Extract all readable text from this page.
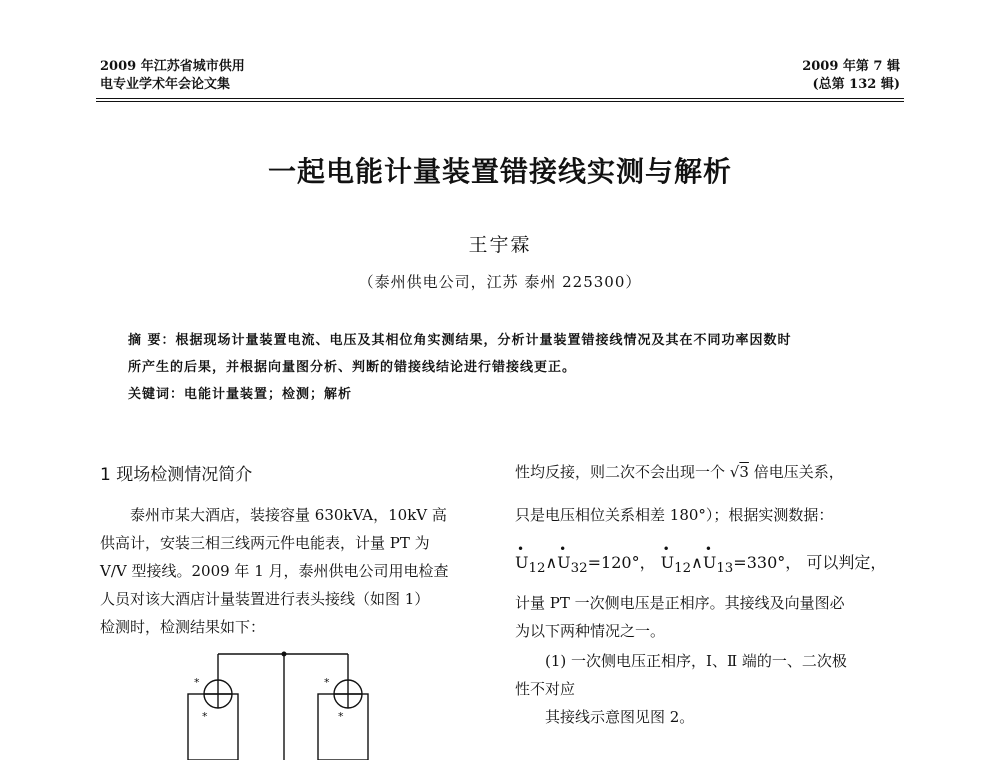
2009 年江苏省城市供用
电专业学术年会论文集
2009 年第 7 辑
(总第 132 辑)
一起电能计量装置错接线实测与解析
王宇霖
（泰州供电公司，江苏 泰州 225300）
摘 要：根据现场计量装置电流、电压及其相位角实测结果，分析计量装置错接线情况及其在不同功率因数时
所产生的后果，并根据向量图分析、判断的错接线结论进行错接线更正。
关键词：电能计量装置；检测；解析
1 现场检测情况简介
泰州市某大酒店，装接容量 630kVA，10kV 高
供高计，安装三相三线两元件电能表，计量 PT 为
V/V 型接线。2009 年 1 月，泰州供电公司用电检查
人员对该大酒店计量装置进行表头接线（如图 1）
检测时，检测结果如下：
性均反接，则二次不会出现一个 √3 倍电压关系，
只是电压相位关系相差 180°）；根据实测数据：
• $U_{12}\wedge•$ $U_{32}=120^\circ$， • $U_{12}\wedge•$ $U_{13}=330^\circ$， 可以判定，
计量 PT 一次侧电压是正相序。其接线及向量图必
为以下两种情况之一。
(1) 一次侧电压正相序，Ⅰ、Ⅱ 端的一、二次极
性不对应
其接线示意图见图 2。
*
*
*
*
